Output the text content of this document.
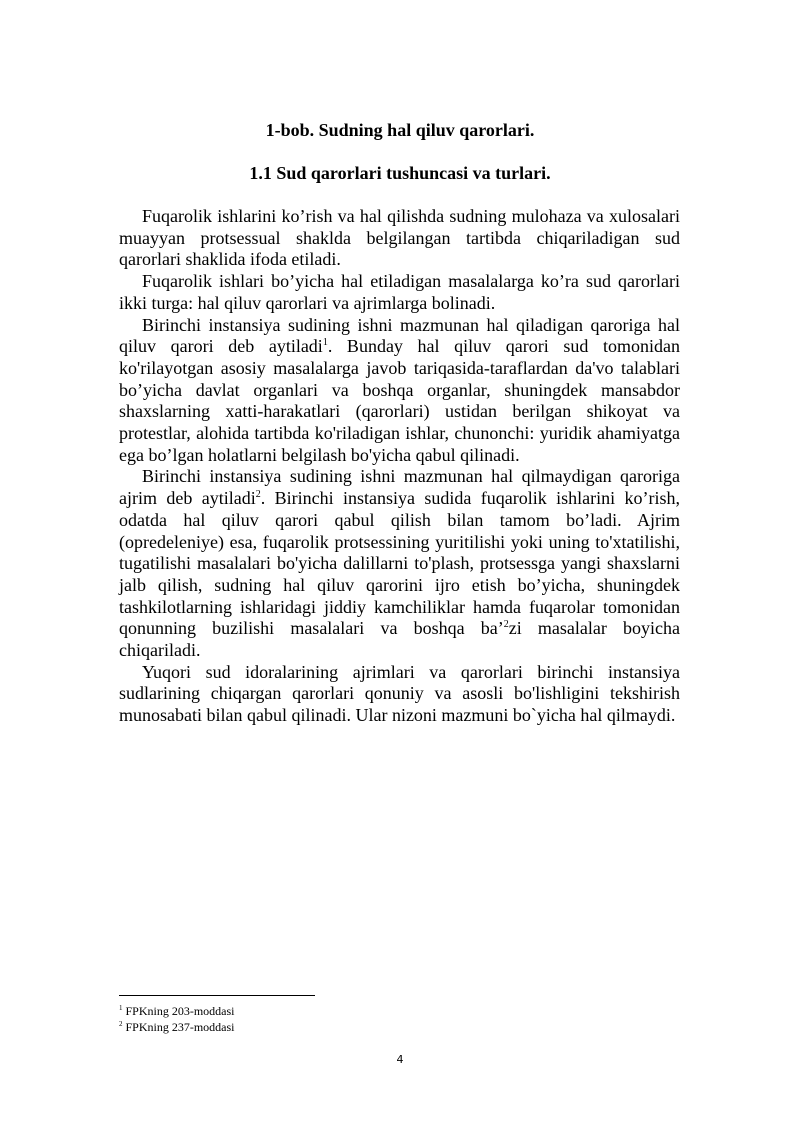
1-bob. Sudning hal qiluv qarorlari.
1.1 Sud qarorlari tushuncasi va turlari.

Fuqarolik ishlarini ko’rish va hal qilishda sudning mulohaza va xulosalari muayyan protsessual shaklda belgilangan tartibda chiqariladigan sud qarorlari shaklida ifoda etiladi.

Fuqarolik ishlari bo’yicha hal etiladigan masalalarga ko’ra sud qarorlari ikki turga: hal qiluv qarorlari va ajrimlarga bolinadi.

Birinchi instansiya sudining ishni mazmunan hal qiladigan qaroriga hal qiluv qarori deb aytiladi$^1$. Bunday hal qiluv qarori sud tomonidan ko'rilayotgan asosiy masalalarga javob tariqasida-taraflardan da'vo talablari bo’yicha davlat organlari va boshqa organlar, shuningdek mansabdor shaxslarning xatti-harakatlari (qarorlari) ustidan berilgan shikoyat va protestlar, alohida tartibda ko'riladigan ishlar, chunonchi: yuridik ahamiyatga ega bo’lgan holatlarni belgilash bo'yicha qabul qilinadi.

Birinchi instansiya sudining ishni mazmunan hal qilmaydigan qaroriga ajrim deb aytiladi$^2$. Birinchi instansiya sudida fuqarolik ishlarini ko’rish, odatda hal qiluv qarori qabul qilish bilan tamom bo’ladi. Ajrim (opredeleniye) esa, fuqarolik protsessining yuritilishi yoki uning to'xtatilishi, tugatilishi masalalari bo'yicha dalillarni to'plash, protsessga yangi shaxslarni jalb qilish, sudning hal qiluv qarorini ijro etish bo’yicha, shuningdek tashkilotlarning ishlaridagi jiddiy kamchiliklar hamda fuqarolar tomonidan qonunning buzilishi masalalari va boshqa ba’$^2$zi masalalar boyicha chiqariladi.

Yuqori sud idoralarining ajrimlari va qarorlari birinchi instansiya sudlarining chiqargan qarorlari qonuniy va asosli bo'lishligini tekshirish munosabati bilan qabul qilinadi. Ular nizoni mazmuni bo`yicha hal qilmaydi.

$^1$ FPKning 203-moddasi
$^2$ FPKning 237-moddasi
4
